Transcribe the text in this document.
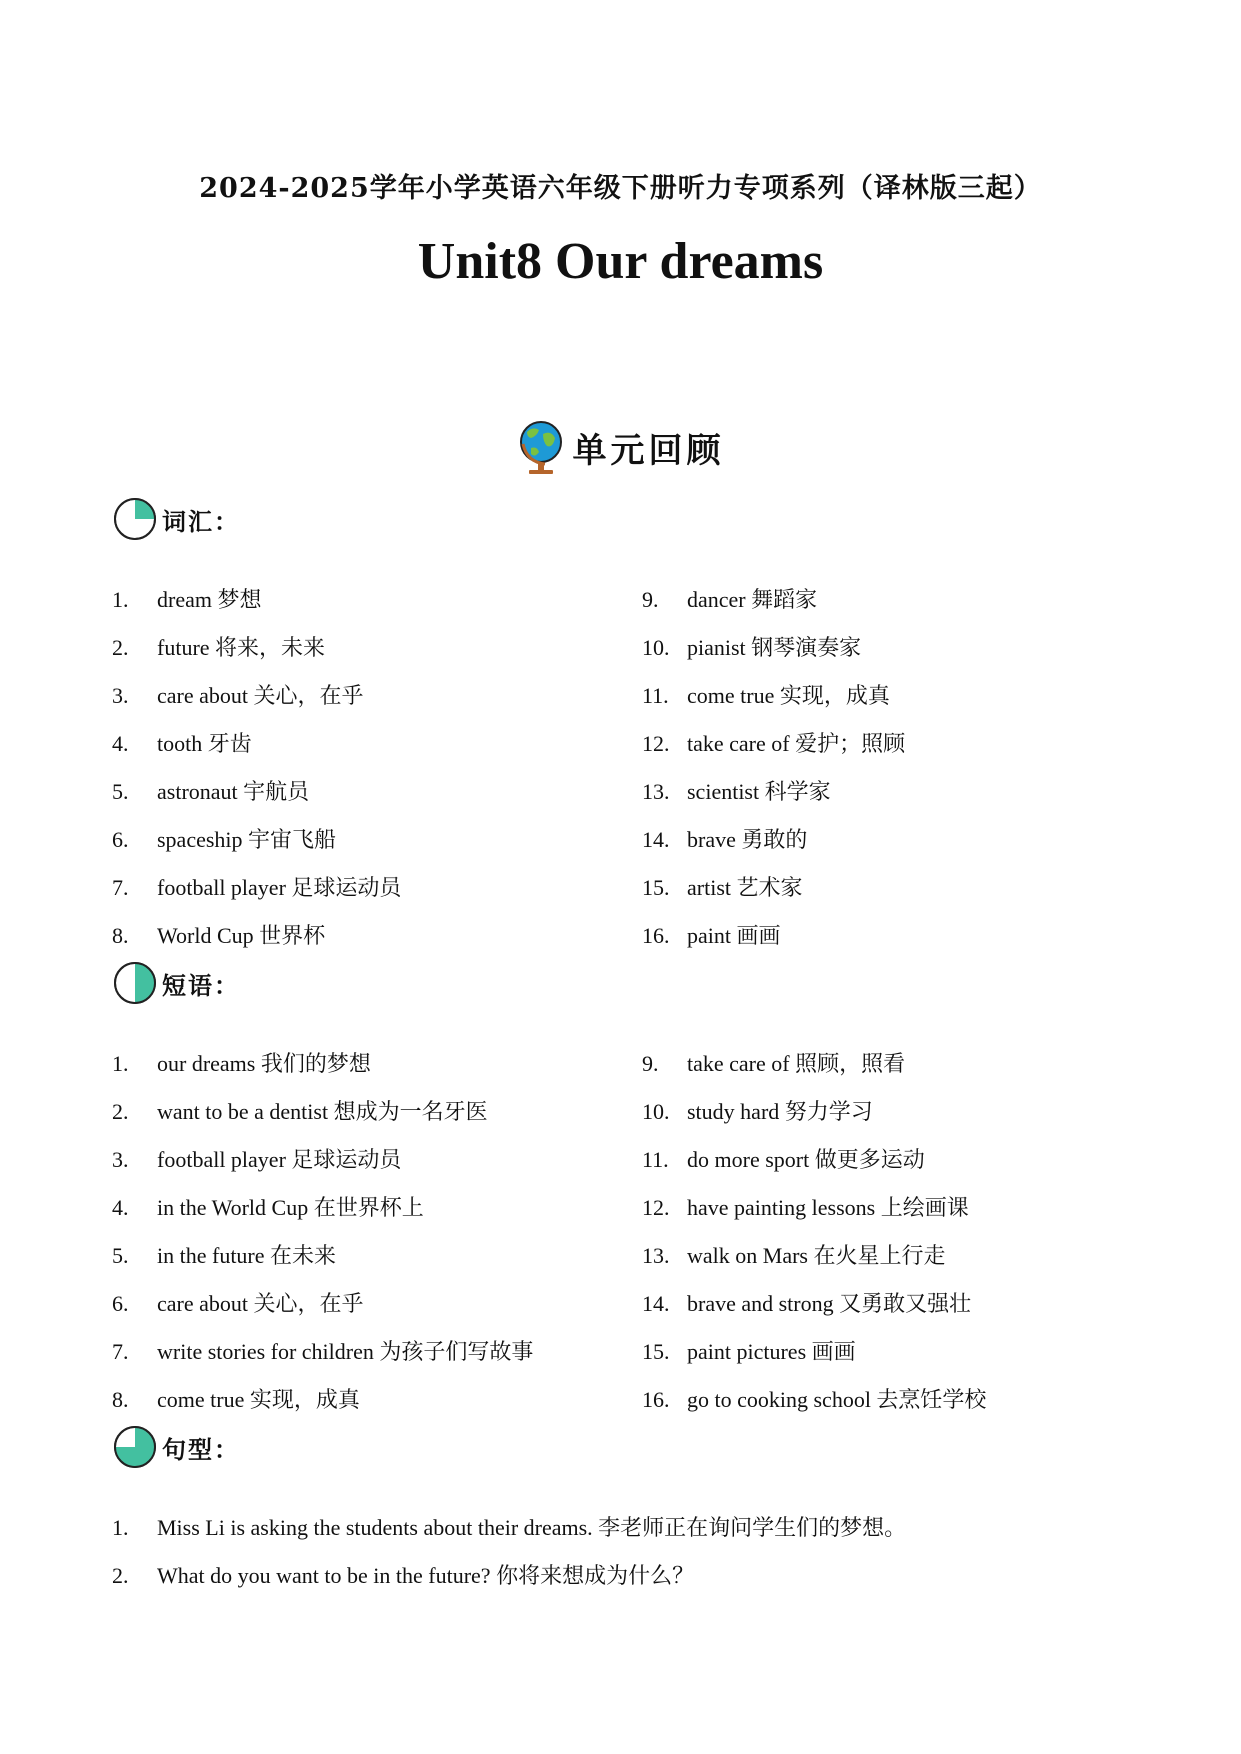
2024-2025学年小学英语六年级下册听力专项系列（译林版三起）
Unit8 Our dreams
单元回顾
词汇：
1. dream 梦想
2. future 将来，未来
3. care about 关心，在乎
4. tooth 牙齿
5. astronaut 宇航员
6. spaceship 宇宙飞船
7. football player 足球运动员
8. World Cup 世界杯
9. dancer 舞蹈家
10. pianist 钢琴演奏家
11. come true 实现，成真
12. take care of 爱护；照顾
13. scientist 科学家
14. brave 勇敢的
15. artist 艺术家
16. paint 画画
短语：
1. our dreams 我们的梦想
2. want to be a dentist 想成为一名牙医
3. football player 足球运动员
4. in the World Cup 在世界杯上
5. in the future 在未来
6. care about 关心，在乎
7. write stories for children 为孩子们写故事
8. come true 实现，成真
9. take care of 照顾，照看
10. study hard 努力学习
11. do more sport 做更多运动
12. have painting lessons 上绘画课
13. walk on Mars 在火星上行走
14. brave and strong 又勇敢又强壮
15. paint pictures 画画
16. go to cooking school 去烹饪学校
句型：
1. Miss Li is asking the students about their dreams. 李老师正在询问学生们的梦想。
2. What do you want to be in the future? 你将来想成为什么？
